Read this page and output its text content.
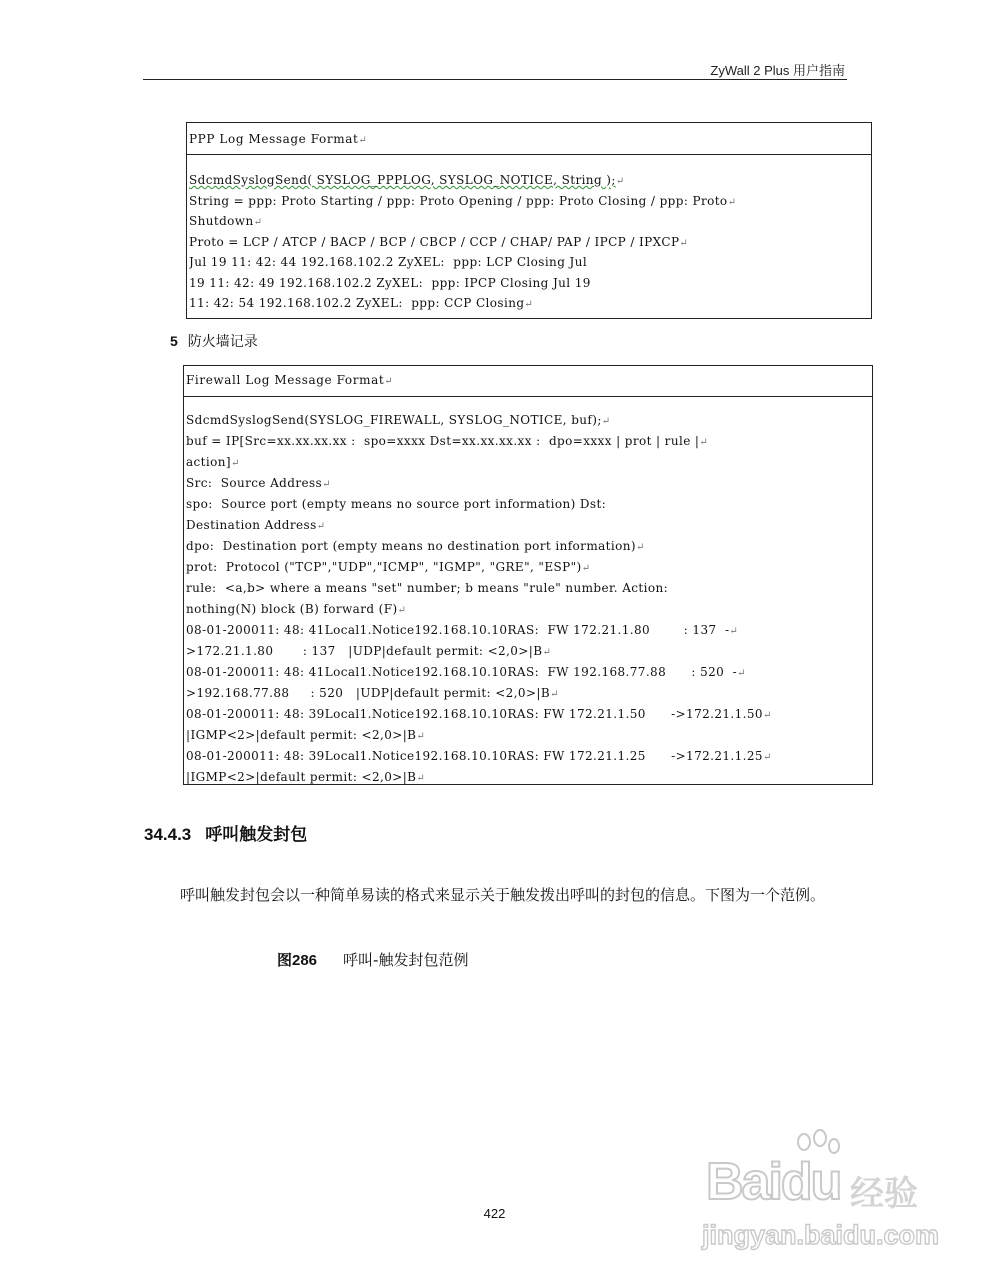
ZyWall 2 Plus 用户指南
PPP Log Message Format↵
SdcmdSyslogSend( SYSLOG_PPPLOG, SYSLOG_NOTICE, String );↵
String = ppp: Proto Starting / ppp: Proto Opening / ppp: Proto Closing / ppp: Proto↵
Shutdown↵
Proto = LCP / ATCP / BACP / BCP / CBCP / CCP / CHAP/ PAP / IPCP / IPXCP↵
Jul 19 11: 42: 44 192.168.102.2 ZyXEL:  ppp: LCP Closing Jul
19 11: 42: 49 192.168.102.2 ZyXEL:  ppp: IPCP Closing Jul 19
11: 42: 54 192.168.102.2 ZyXEL:  ppp: CCP Closing↵
5 防火墙记录
Firewall Log Message Format↵
SdcmdSyslogSend(SYSLOG_FIREWALL, SYSLOG_NOTICE, buf);↵
buf = IP[Src=xx.xx.xx.xx :  spo=xxxx Dst=xx.xx.xx.xx :  dpo=xxxx | prot | rule |↵
action]↵
Src:  Source Address↵
spo:  Source port (empty means no source port information) Dst:
Destination Address↵
dpo:  Destination port (empty means no destination port information)↵
prot:  Protocol ("TCP","UDP","ICMP", "IGMP", "GRE", "ESP")↵
rule:  <a,b> where a means "set" number; b means "rule" number. Action:
nothing(N) block (B) forward (F)↵
08-01-200011: 48: 41Local1.Notice192.168.10.10RAS:  FW 172.21.1.80        : 137  -↵
>172.21.1.80       : 137   |UDP|default permit: <2,0>|B↵
08-01-200011: 48: 41Local1.Notice192.168.10.10RAS:  FW 192.168.77.88      : 520  -↵
>192.168.77.88     : 520   |UDP|default permit: <2,0>|B↵
08-01-200011: 48: 39Local1.Notice192.168.10.10RAS: FW 172.21.1.50      ->172.21.1.50↵
|IGMP<2>|default permit: <2,0>|B↵
08-01-200011: 48: 39Local1.Notice192.168.10.10RAS: FW 172.21.1.25      ->172.21.1.25↵
|IGMP<2>|default permit: <2,0>|B↵
34.4.3 呼叫触发封包
呼叫触发封包会以一种简单易读的格式来显示关于触发拨出呼叫的封包的信息。下图为一个范例。
图286 呼叫-触发封包范例
422
Baidu 经验
jingyan.baidu.com
